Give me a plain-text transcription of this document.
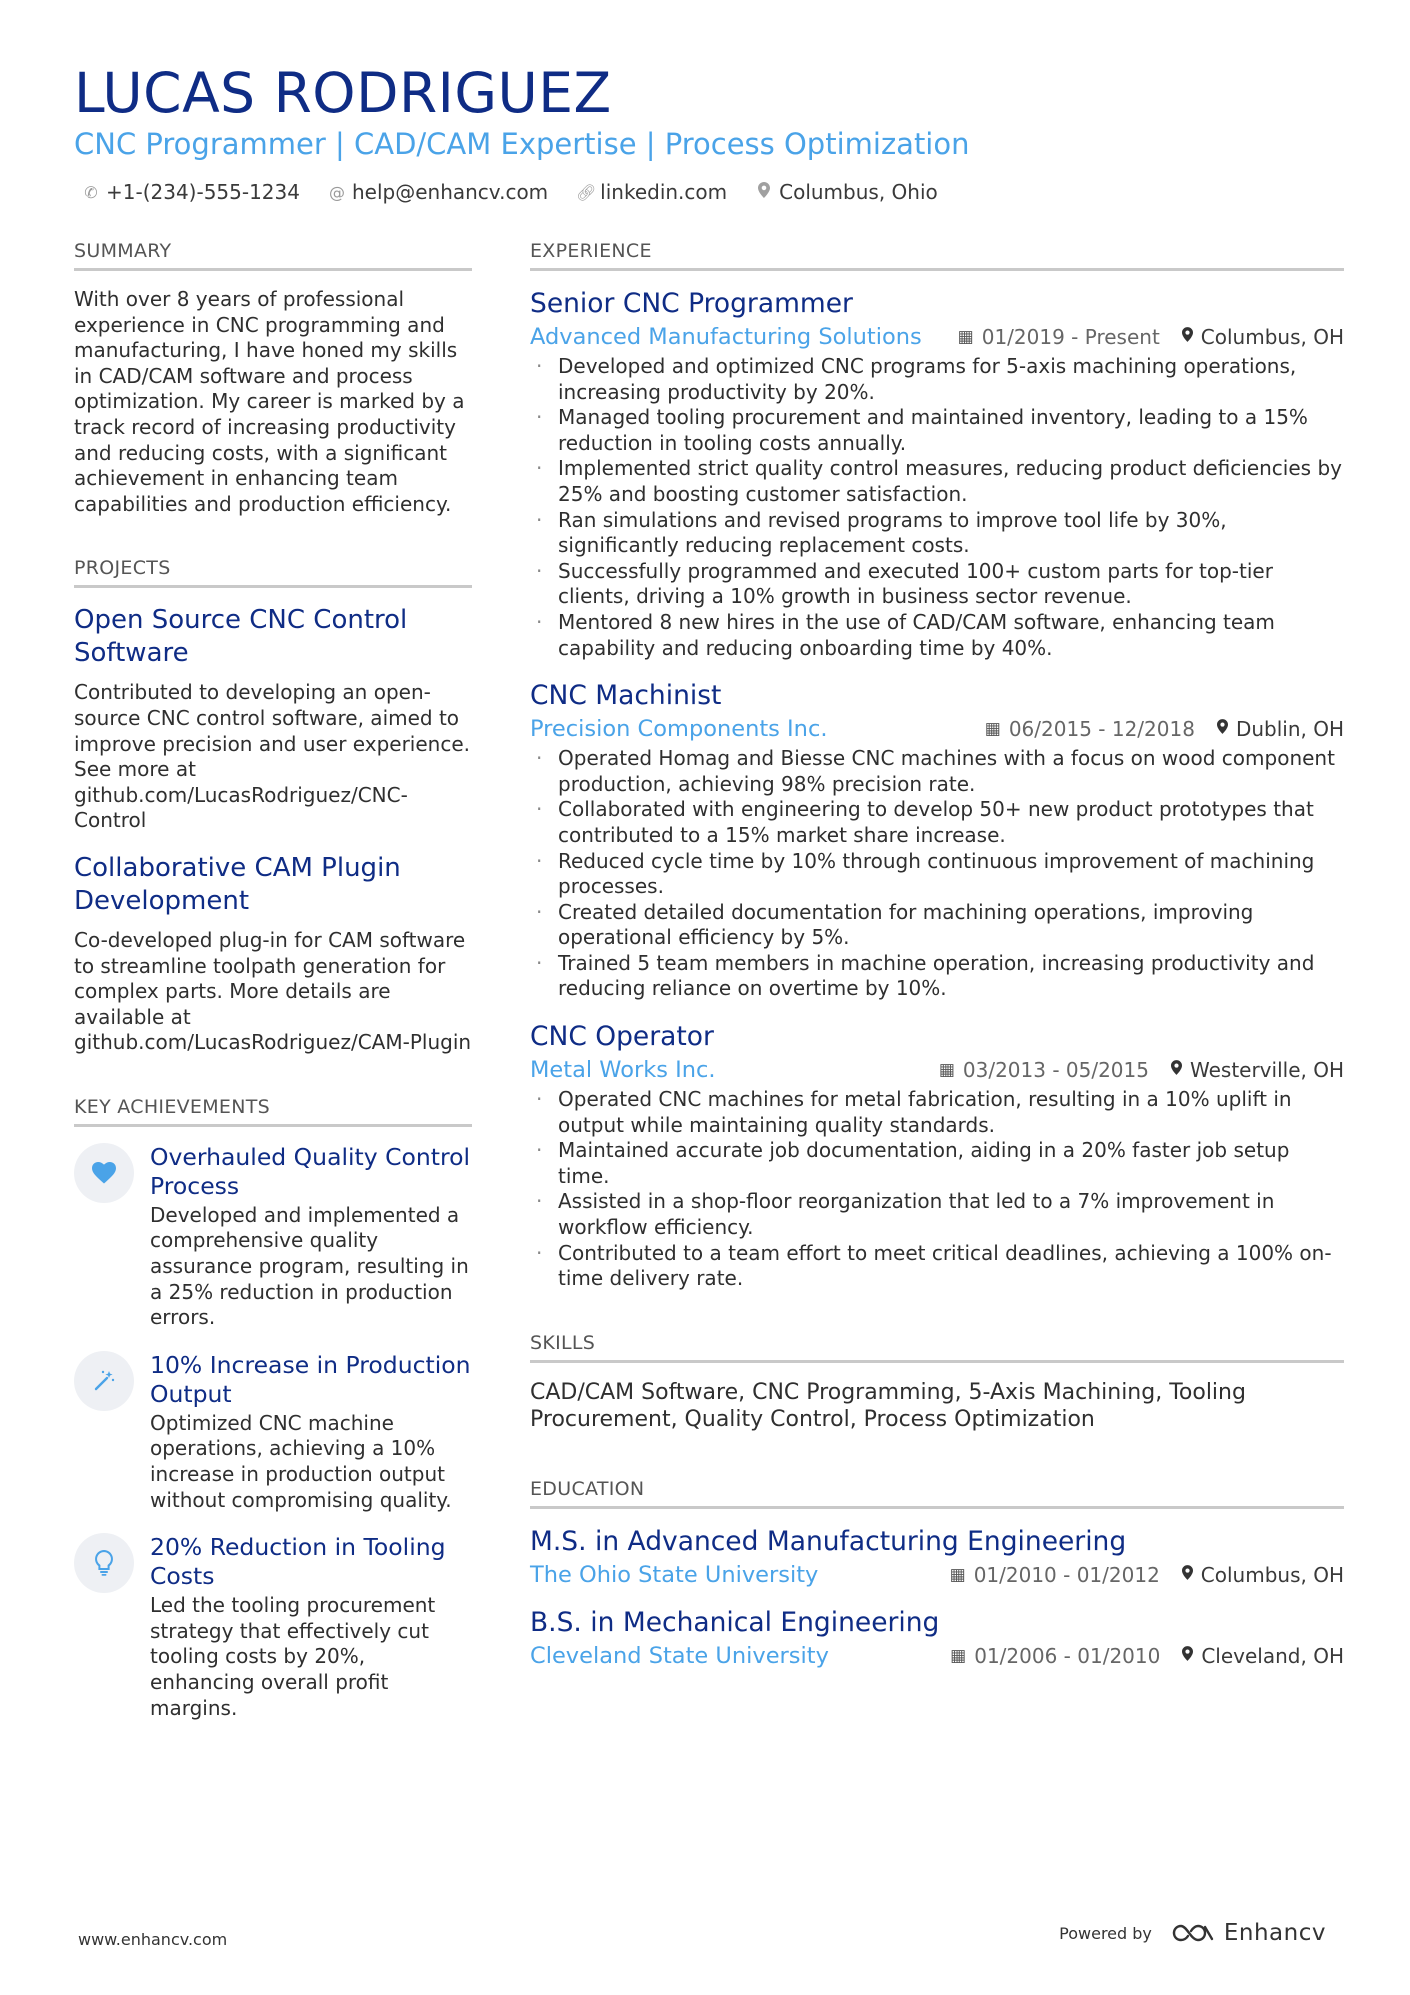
LUCAS RODRIGUEZ
CNC Programmer | CAD/CAM Expertise | Process Optimization
✆ +1-(234)-555-1234 @ help@enhancv.com 🔗︎ linkedin.com	Columbus, Ohio
SUMMARY
With over 8 years of professional experience in CNC programming and manufacturing, I have honed my skills in CAD/CAM software and process optimization. My career is marked by a track record of increasing productivity and reducing costs, with a significant achievement in enhancing team capabilities and production efficiency.
PROJECTS
Open Source CNC Control Software
Contributed to developing an open-source CNC control software, aimed to improve precision and user experience. See more at github.com/LucasRodriguez/CNC-Control
Collaborative CAM Plugin Development
Co-developed plug-in for CAM software to streamline toolpath generation for complex parts. More details are available at github.com/LucasRodriguez/CAM-Plugin
KEY ACHIEVEMENTS
Overhauled Quality Control Process
Developed and implemented a comprehensive quality assurance program, resulting in a 25% reduction in production errors.
10% Increase in Production Output
Optimized CNC machine operations, achieving a 10% increase in production output without compromising quality.
20% Reduction in Tooling Costs
Led the tooling procurement strategy that effectively cut tooling costs by 20%, enhancing overall profit margins.
EXPERIENCE
Senior CNC Programmer
Advanced Manufacturing Solutions ▦ 01/2019 - Present Columbus, OH
· Developed and optimized CNC programs for 5-axis machining operations, increasing productivity by 20%.
· Managed tooling procurement and maintained inventory, leading to a 15% reduction in tooling costs annually.
· Implemented strict quality control measures, reducing product deficiencies by 25% and boosting customer satisfaction.
· Ran simulations and revised programs to improve tool life by 30%, significantly reducing replacement costs.
· Successfully programmed and executed 100+ custom parts for top-tier clients, driving a 10% growth in business sector revenue.
· Mentored 8 new hires in the use of CAD/CAM software, enhancing team capability and reducing onboarding time by 40%.
CNC Machinist
Precision Components Inc.	▦ 06/2015 - 12/2018 Dublin, OH
· Operated Homag and Biesse CNC machines with a focus on wood component production, achieving 98% precision rate.
· Collaborated with engineering to develop 50+ new product prototypes that contributed to a 15% market share increase.
· Reduced cycle time by 10% through continuous improvement of machining processes.
· Created detailed documentation for machining operations, improving operational efficiency by 5%.
· Trained 5 team members in machine operation, increasing productivity and reducing reliance on overtime by 10%.
CNC Operator
Metal Works Inc.	▦ 03/2013 - 05/2015 Westerville, OH
· Operated CNC machines for metal fabrication, resulting in a 10% uplift in output while maintaining quality standards.
· Maintained accurate job documentation, aiding in a 20% faster job setup time.
· Assisted in a shop-floor reorganization that led to a 7% improvement in workflow efficiency.
· Contributed to a team effort to meet critical deadlines, achieving a 100% on-time delivery rate.
SKILLS
CAD/CAM Software, CNC Programming, 5-Axis Machining, Tooling Procurement, Quality Control, Process Optimization
EDUCATION
M.S. in Advanced Manufacturing Engineering
The Ohio State University	▦ 01/2010 - 01/2012 Columbus, OH
B.S. in Mechanical Engineering
Cleveland State University	▦ 01/2006 - 01/2010 Cleveland, OH
www.enhancv.com	Powered by	Enhancv
